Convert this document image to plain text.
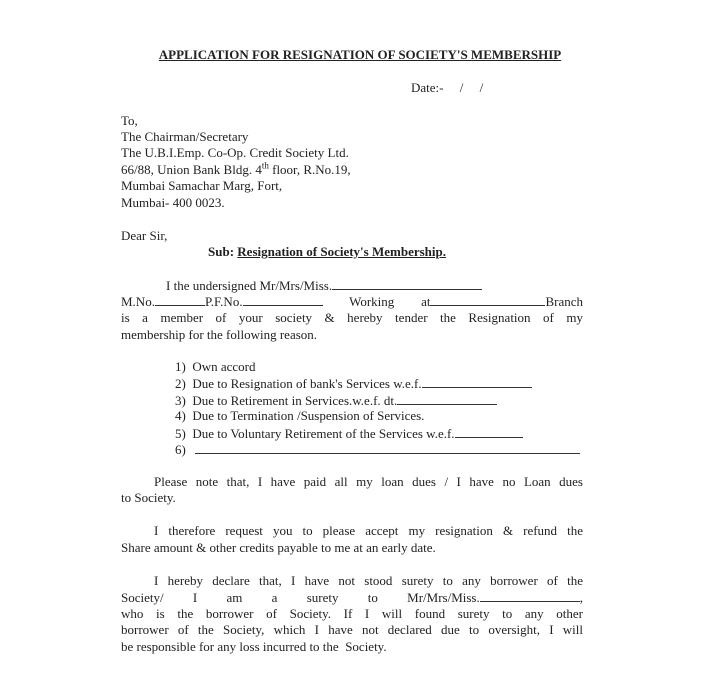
APPLICATION FOR RESIGNATION OF SOCIETY'S MEMBERSHIP
Date:-     /     /
To,
The Chairman/Secretary
The U.B.I.Emp. Co-Op. Credit Society Ltd.
66/88, Union Bank Bldg. 4th floor, R.No.19,
Mumbai Samachar Marg, Fort,
Mumbai- 400 0023.
Dear Sir,
Sub: Resignation of Society's Membership.
I the undersigned Mr/Mrs/Miss.
M.No.	P.F.No.	Working at	Branch
is a member of your society & hereby tender the Resignation of my
membership for the following reason.
1)  Own accord
2)  Due to Resignation of bank's Services w.e.f.
3)  Due to Retirement in Services.w.e.f. dt.
4)  Due to Termination /Suspension of Services.
5)  Due to Voluntary Retirement of the Services w.e.f.
6)
Please note that, I have paid all my loan dues / I have no Loan dues
to Society.
I therefore request you to please accept my resignation & refund the
Share amount & other credits payable to me at an early date.
I hereby declare that, I have not stood surety to any borrower of the
Society/ I am a surety to Mr/Mrs/Miss.	,
who is the borrower of Society. If I will found surety to any other
borrower of the Society, which I have not declared due to oversight, I will
be responsible for any loss incurred to the  Society.
